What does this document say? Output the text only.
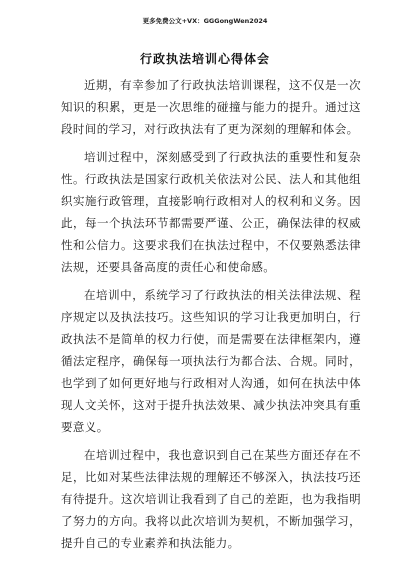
更多免费公文+VX：GGGongWen2024
行政执法培训心得体会

近期，有幸参加了行政执法培训课程，这不仅是一次知识的积累，更是一次思维的碰撞与能力的提升。通过这段时间的学习，对行政执法有了更为深刻的理解和体会。

培训过程中，深刻感受到了行政执法的重要性和复杂性。行政执法是国家行政机关依法对公民、法人和其他组织实施行政管理，直接影响行政相对人的权利和义务。因此，每一个执法环节都需要严谨、公正，确保法律的权威性和公信力。这要求我们在执法过程中，不仅要熟悉法律法规，还要具备高度的责任心和使命感。

在培训中，系统学习了行政执法的相关法律法规、程序规定以及执法技巧。这些知识的学习让我更加明白，行政执法不是简单的权力行使，而是需要在法律框架内，遵循法定程序，确保每一项执法行为都合法、合规。同时，也学到了如何更好地与行政相对人沟通，如何在执法中体现人文关怀，这对于提升执法效果、减少执法冲突具有重要意义。

在培训过程中，我也意识到自己在某些方面还存在不足，比如对某些法律法规的理解还不够深入，执法技巧还有待提升。这次培训让我看到了自己的差距，也为我指明了努力的方向。我将以此次培训为契机，不断加强学习，提升自己的专业素养和执法能力。
